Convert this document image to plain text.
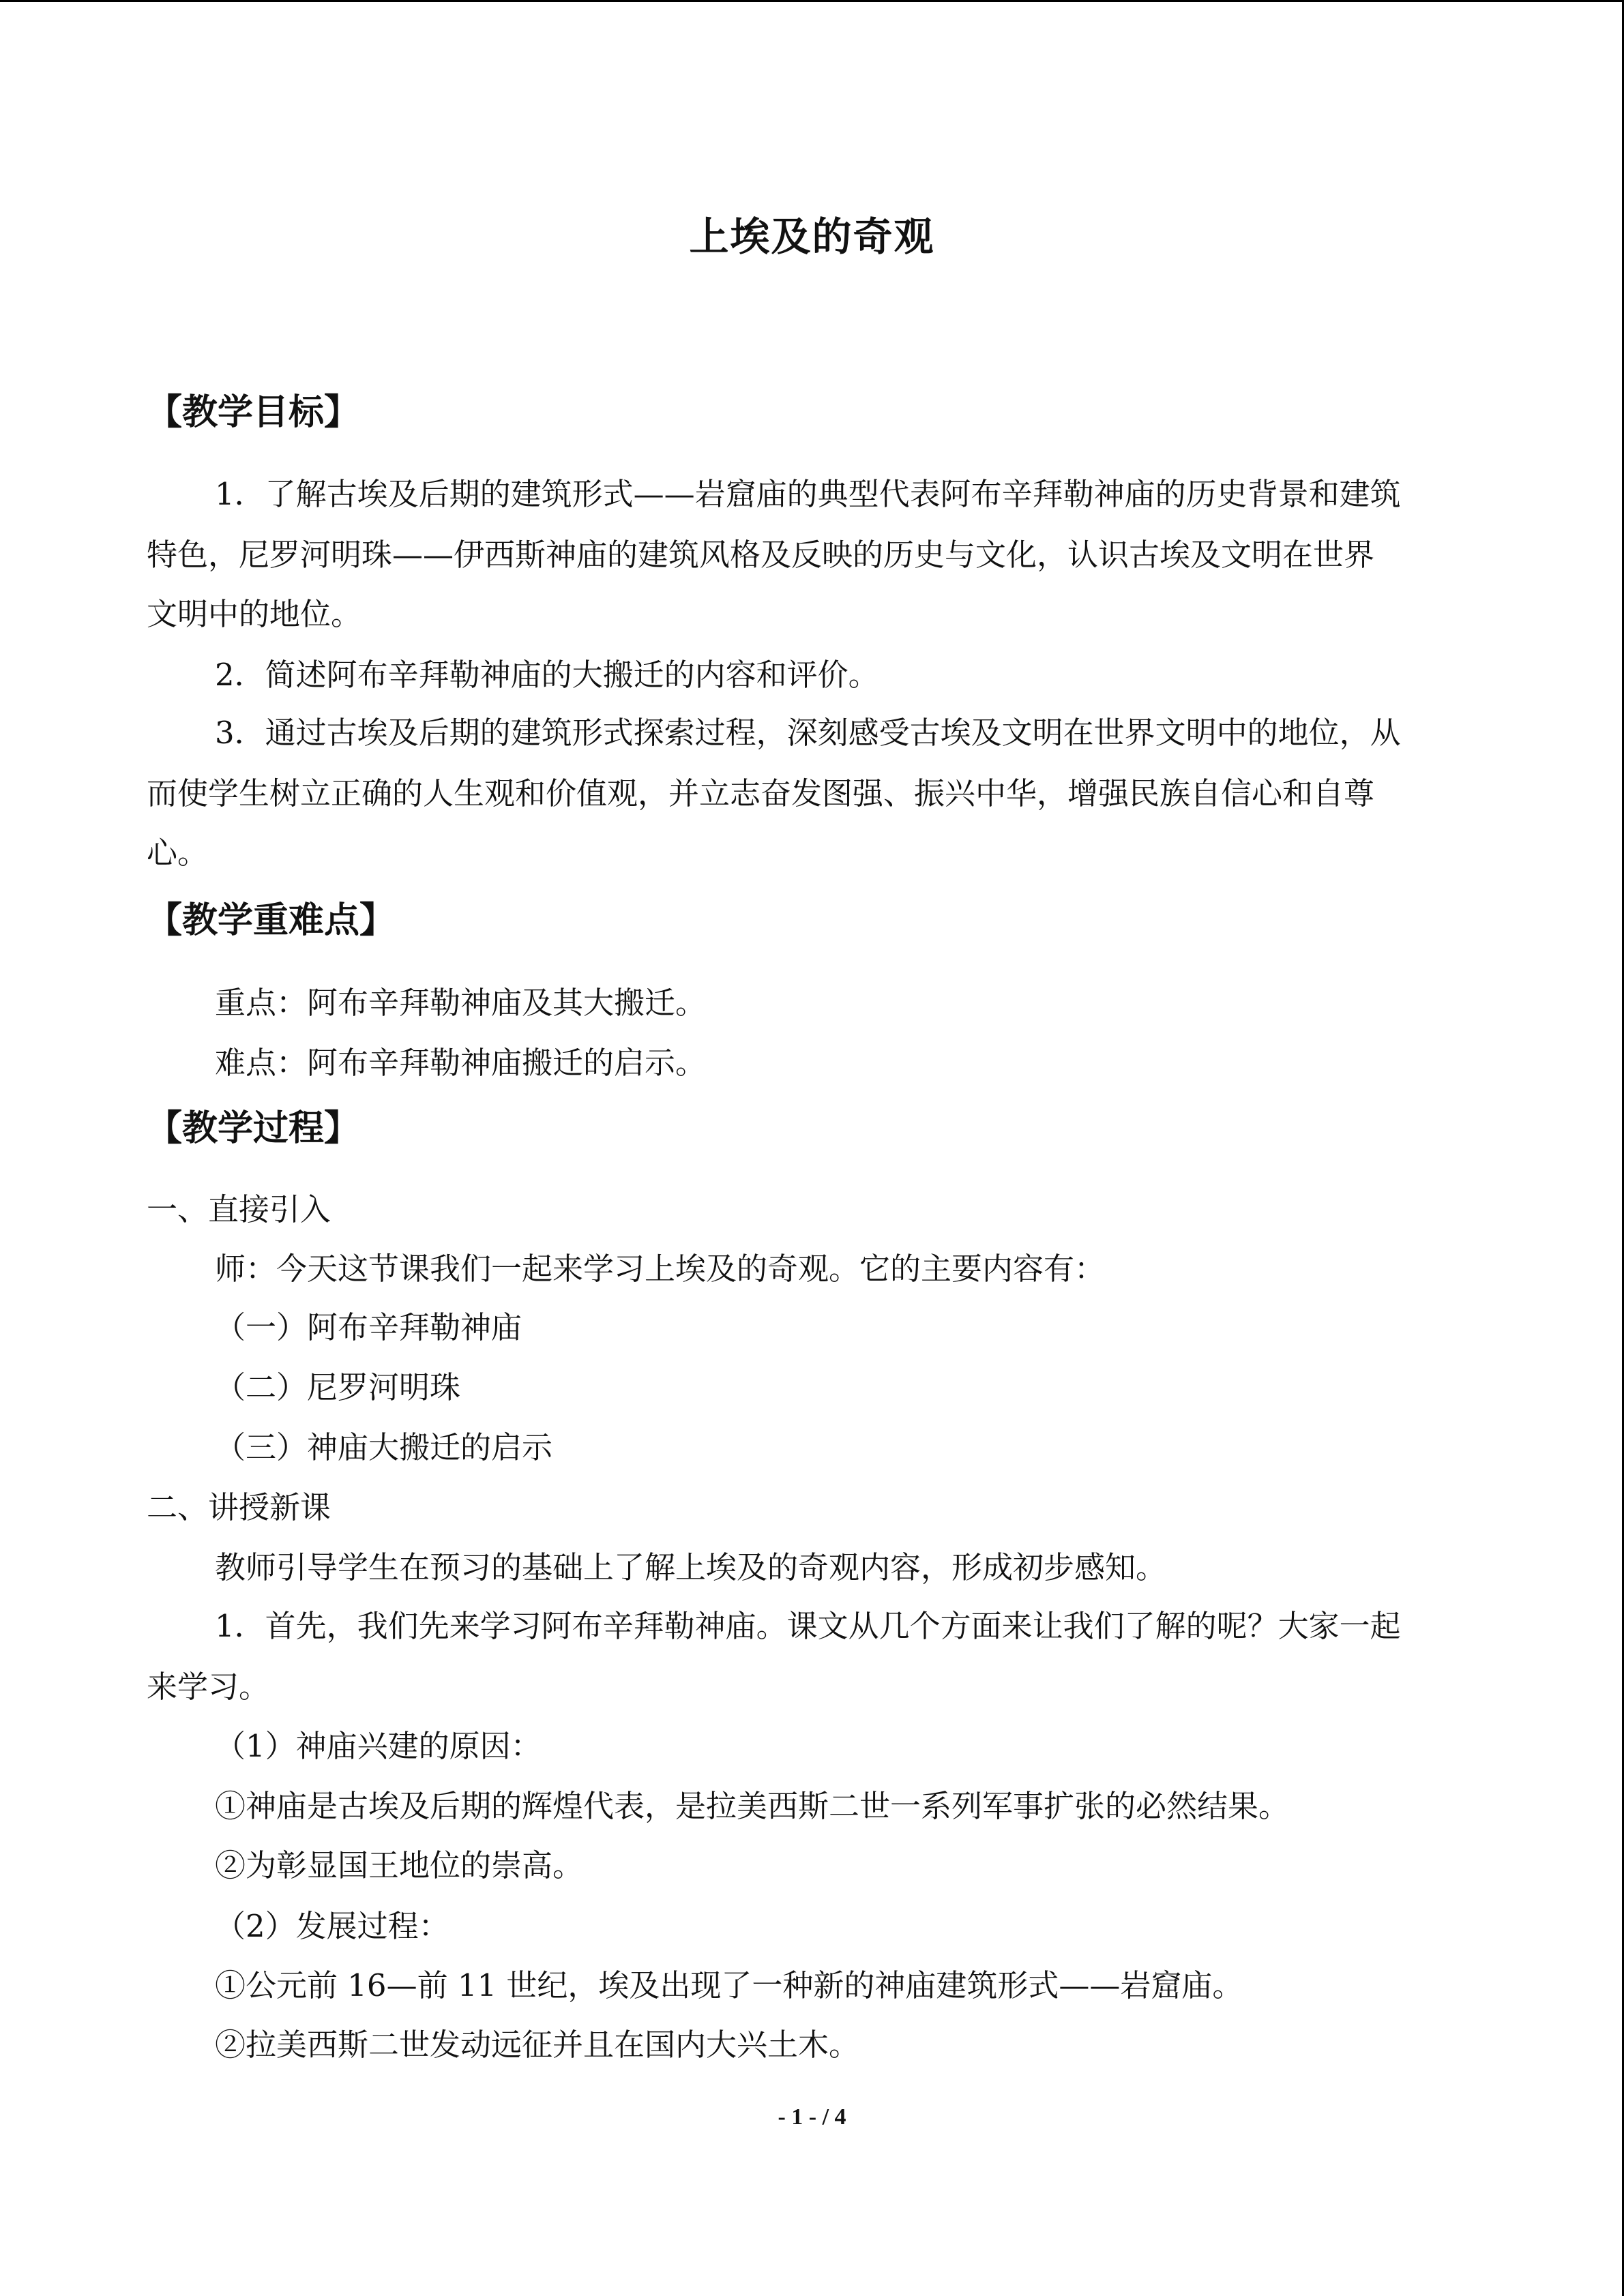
上埃及的奇观
【教学目标】
1．了解古埃及后期的建筑形式——岩窟庙的典型代表阿布辛拜勒神庙的历史背景和建筑
特色，尼罗河明珠——伊西斯神庙的建筑风格及反映的历史与文化，认识古埃及文明在世界
文明中的地位。
2．简述阿布辛拜勒神庙的大搬迁的内容和评价。
3．通过古埃及后期的建筑形式探索过程，深刻感受古埃及文明在世界文明中的地位，从
而使学生树立正确的人生观和价值观，并立志奋发图强、振兴中华，增强民族自信心和自尊
心。
【教学重难点】
重点：阿布辛拜勒神庙及其大搬迁。
难点：阿布辛拜勒神庙搬迁的启示。
【教学过程】
一、直接引入
师：今天这节课我们一起来学习上埃及的奇观。它的主要内容有：
（一）阿布辛拜勒神庙
（二）尼罗河明珠
（三）神庙大搬迁的启示
二、讲授新课
教师引导学生在预习的基础上了解上埃及的奇观内容，形成初步感知。
1．首先，我们先来学习阿布辛拜勒神庙。课文从几个方面来让我们了解的呢？大家一起
来学习。
（1）神庙兴建的原因：
①神庙是古埃及后期的辉煌代表，是拉美西斯二世一系列军事扩张的必然结果。
②为彰显国王地位的崇高。
（2）发展过程：
①公元前 16—前 11 世纪，埃及出现了一种新的神庙建筑形式——岩窟庙。
②拉美西斯二世发动远征并且在国内大兴土木。
- 1 - / 4
